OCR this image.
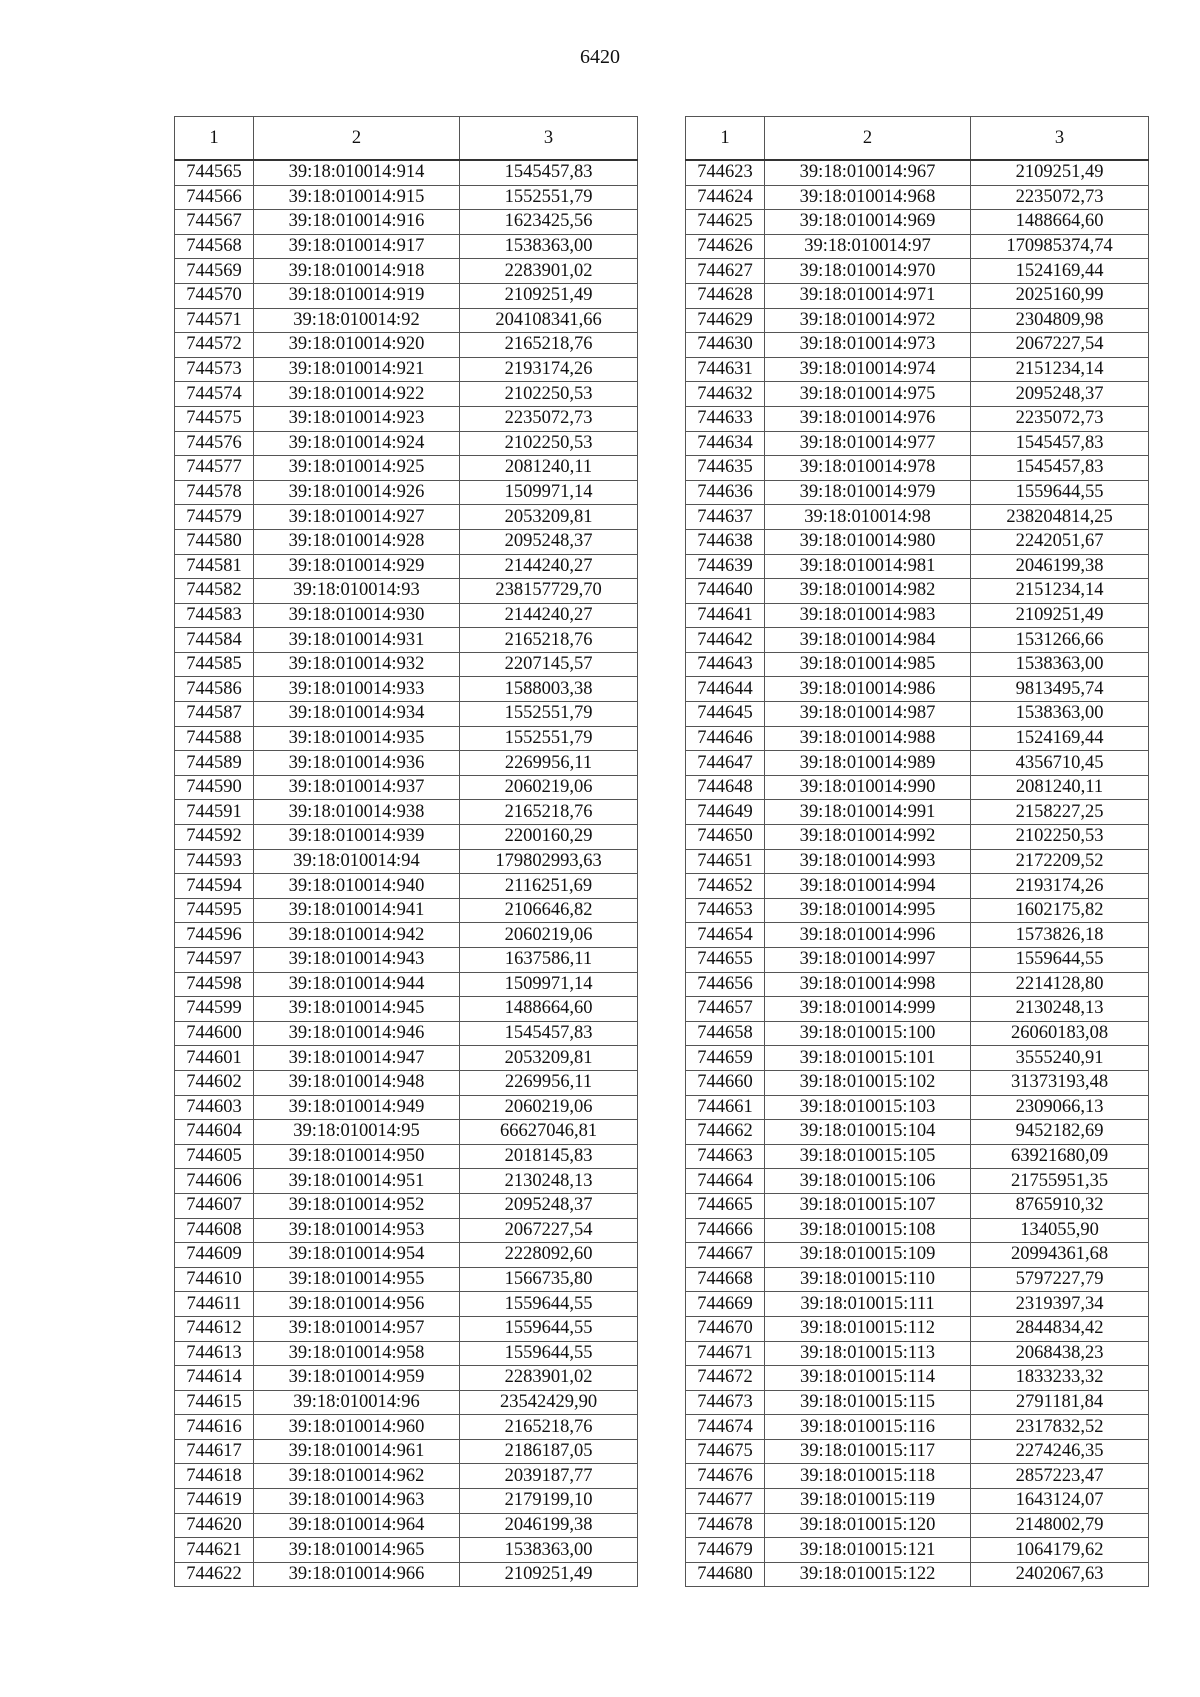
6420
1	2	3
744565	39:18:010014:914	1545457,83
744566	39:18:010014:915	1552551,79
744567	39:18:010014:916	1623425,56
744568	39:18:010014:917	1538363,00
744569	39:18:010014:918	2283901,02
744570	39:18:010014:919	2109251,49
744571	39:18:010014:92	204108341,66
744572	39:18:010014:920	2165218,76
744573	39:18:010014:921	2193174,26
744574	39:18:010014:922	2102250,53
744575	39:18:010014:923	2235072,73
744576	39:18:010014:924	2102250,53
744577	39:18:010014:925	2081240,11
744578	39:18:010014:926	1509971,14
744579	39:18:010014:927	2053209,81
744580	39:18:010014:928	2095248,37
744581	39:18:010014:929	2144240,27
744582	39:18:010014:93	238157729,70
744583	39:18:010014:930	2144240,27
744584	39:18:010014:931	2165218,76
744585	39:18:010014:932	2207145,57
744586	39:18:010014:933	1588003,38
744587	39:18:010014:934	1552551,79
744588	39:18:010014:935	1552551,79
744589	39:18:010014:936	2269956,11
744590	39:18:010014:937	2060219,06
744591	39:18:010014:938	2165218,76
744592	39:18:010014:939	2200160,29
744593	39:18:010014:94	179802993,63
744594	39:18:010014:940	2116251,69
744595	39:18:010014:941	2106646,82
744596	39:18:010014:942	2060219,06
744597	39:18:010014:943	1637586,11
744598	39:18:010014:944	1509971,14
744599	39:18:010014:945	1488664,60
744600	39:18:010014:946	1545457,83
744601	39:18:010014:947	2053209,81
744602	39:18:010014:948	2269956,11
744603	39:18:010014:949	2060219,06
744604	39:18:010014:95	66627046,81
744605	39:18:010014:950	2018145,83
744606	39:18:010014:951	2130248,13
744607	39:18:010014:952	2095248,37
744608	39:18:010014:953	2067227,54
744609	39:18:010014:954	2228092,60
744610	39:18:010014:955	1566735,80
744611	39:18:010014:956	1559644,55
744612	39:18:010014:957	1559644,55
744613	39:18:010014:958	1559644,55
744614	39:18:010014:959	2283901,02
744615	39:18:010014:96	23542429,90
744616	39:18:010014:960	2165218,76
744617	39:18:010014:961	2186187,05
744618	39:18:010014:962	2039187,77
744619	39:18:010014:963	2179199,10
744620	39:18:010014:964	2046199,38
744621	39:18:010014:965	1538363,00
744622	39:18:010014:966	2109251,49
1	2	3
744623	39:18:010014:967	2109251,49
744624	39:18:010014:968	2235072,73
744625	39:18:010014:969	1488664,60
744626	39:18:010014:97	170985374,74
744627	39:18:010014:970	1524169,44
744628	39:18:010014:971	2025160,99
744629	39:18:010014:972	2304809,98
744630	39:18:010014:973	2067227,54
744631	39:18:010014:974	2151234,14
744632	39:18:010014:975	2095248,37
744633	39:18:010014:976	2235072,73
744634	39:18:010014:977	1545457,83
744635	39:18:010014:978	1545457,83
744636	39:18:010014:979	1559644,55
744637	39:18:010014:98	238204814,25
744638	39:18:010014:980	2242051,67
744639	39:18:010014:981	2046199,38
744640	39:18:010014:982	2151234,14
744641	39:18:010014:983	2109251,49
744642	39:18:010014:984	1531266,66
744643	39:18:010014:985	1538363,00
744644	39:18:010014:986	9813495,74
744645	39:18:010014:987	1538363,00
744646	39:18:010014:988	1524169,44
744647	39:18:010014:989	4356710,45
744648	39:18:010014:990	2081240,11
744649	39:18:010014:991	2158227,25
744650	39:18:010014:992	2102250,53
744651	39:18:010014:993	2172209,52
744652	39:18:010014:994	2193174,26
744653	39:18:010014:995	1602175,82
744654	39:18:010014:996	1573826,18
744655	39:18:010014:997	1559644,55
744656	39:18:010014:998	2214128,80
744657	39:18:010014:999	2130248,13
744658	39:18:010015:100	26060183,08
744659	39:18:010015:101	3555240,91
744660	39:18:010015:102	31373193,48
744661	39:18:010015:103	2309066,13
744662	39:18:010015:104	9452182,69
744663	39:18:010015:105	63921680,09
744664	39:18:010015:106	21755951,35
744665	39:18:010015:107	8765910,32
744666	39:18:010015:108	134055,90
744667	39:18:010015:109	20994361,68
744668	39:18:010015:110	5797227,79
744669	39:18:010015:111	2319397,34
744670	39:18:010015:112	2844834,42
744671	39:18:010015:113	2068438,23
744672	39:18:010015:114	1833233,32
744673	39:18:010015:115	2791181,84
744674	39:18:010015:116	2317832,52
744675	39:18:010015:117	2274246,35
744676	39:18:010015:118	2857223,47
744677	39:18:010015:119	1643124,07
744678	39:18:010015:120	2148002,79
744679	39:18:010015:121	1064179,62
744680	39:18:010015:122	2402067,63
